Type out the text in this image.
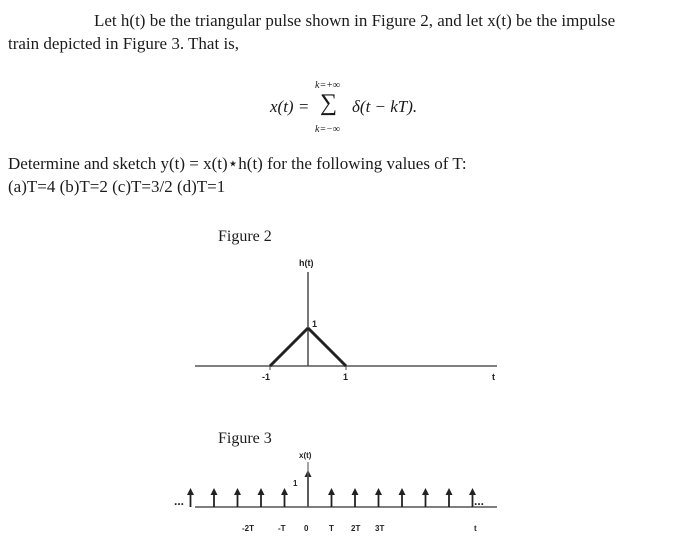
Let h(t) be the triangular pulse shown in Figure 2, and let x(t) be the impulse
train depicted in Figure 3. That is,
x(t) =
k=+∞
∑
k=−∞
δ(t − kT).
Determine and sketch y(t) = x(t)⋆h(t) for the following values of T:
(a)T=4 (b)T=2 (c)T=3/2 (d)T=1
Figure 2
h(t)
1
-1	1	t
...	...
x(t)
1
-2T	-T 0	T 2T 3T	t
Figure 3
